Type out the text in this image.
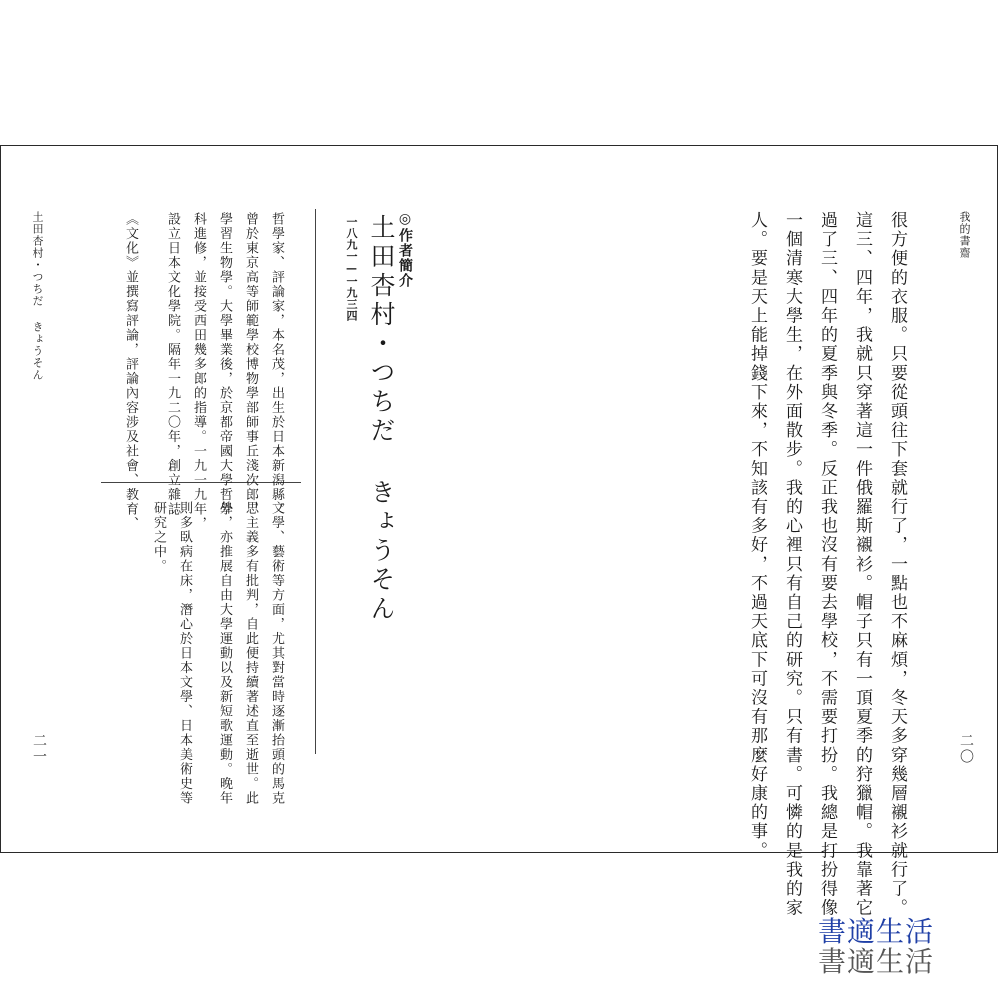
我的書齋
二〇
很方便的衣服。只要從頭往下套就行了，一點也不麻煩，冬天多穿幾層襯衫就行了。
這三、四年，我就只穿著這一件俄羅斯襯衫。帽子只有一頂夏季的狩獵帽。我靠著它
過了三、四年的夏季與冬季。反正我也沒有要去學校，不需要打扮。我總是打扮得像
一個清寒大學生，在外面散步。我的心裡只有自己的研究。只有書。可憐的是我的家
人。要是天上能掉錢下來，不知該有多好，不過天底下可沒有那麼好康的事。
◎作者簡介
土田杏村・つちだ きょうそん
一八九一—一九三四
哲學家、評論家，本名茂，出生於日本新潟縣。
曾於東京高等師範學校博物學部師事丘淺次郎，
學習生物學。大學畢業後，於京都帝國大學哲學
科進修，並接受西田幾多郎的指導。一九一九年，
設立日本文化學院。隔年一九二〇年，創立雜誌
《文化》並撰寫評論，評論內容涉及社會、教育、
文學、藝術等方面，尤其對當時逐漸抬頭的馬克
思主義多有批判，自此便持續著述直至逝世。此
外，亦推展自由大學運動以及新短歌運動。晚年
則多臥病在床，潛心於日本文學、日本美術史等
研究之中。
土田杏村・つちだ きょうそん
二一
書適生活
書適生活
